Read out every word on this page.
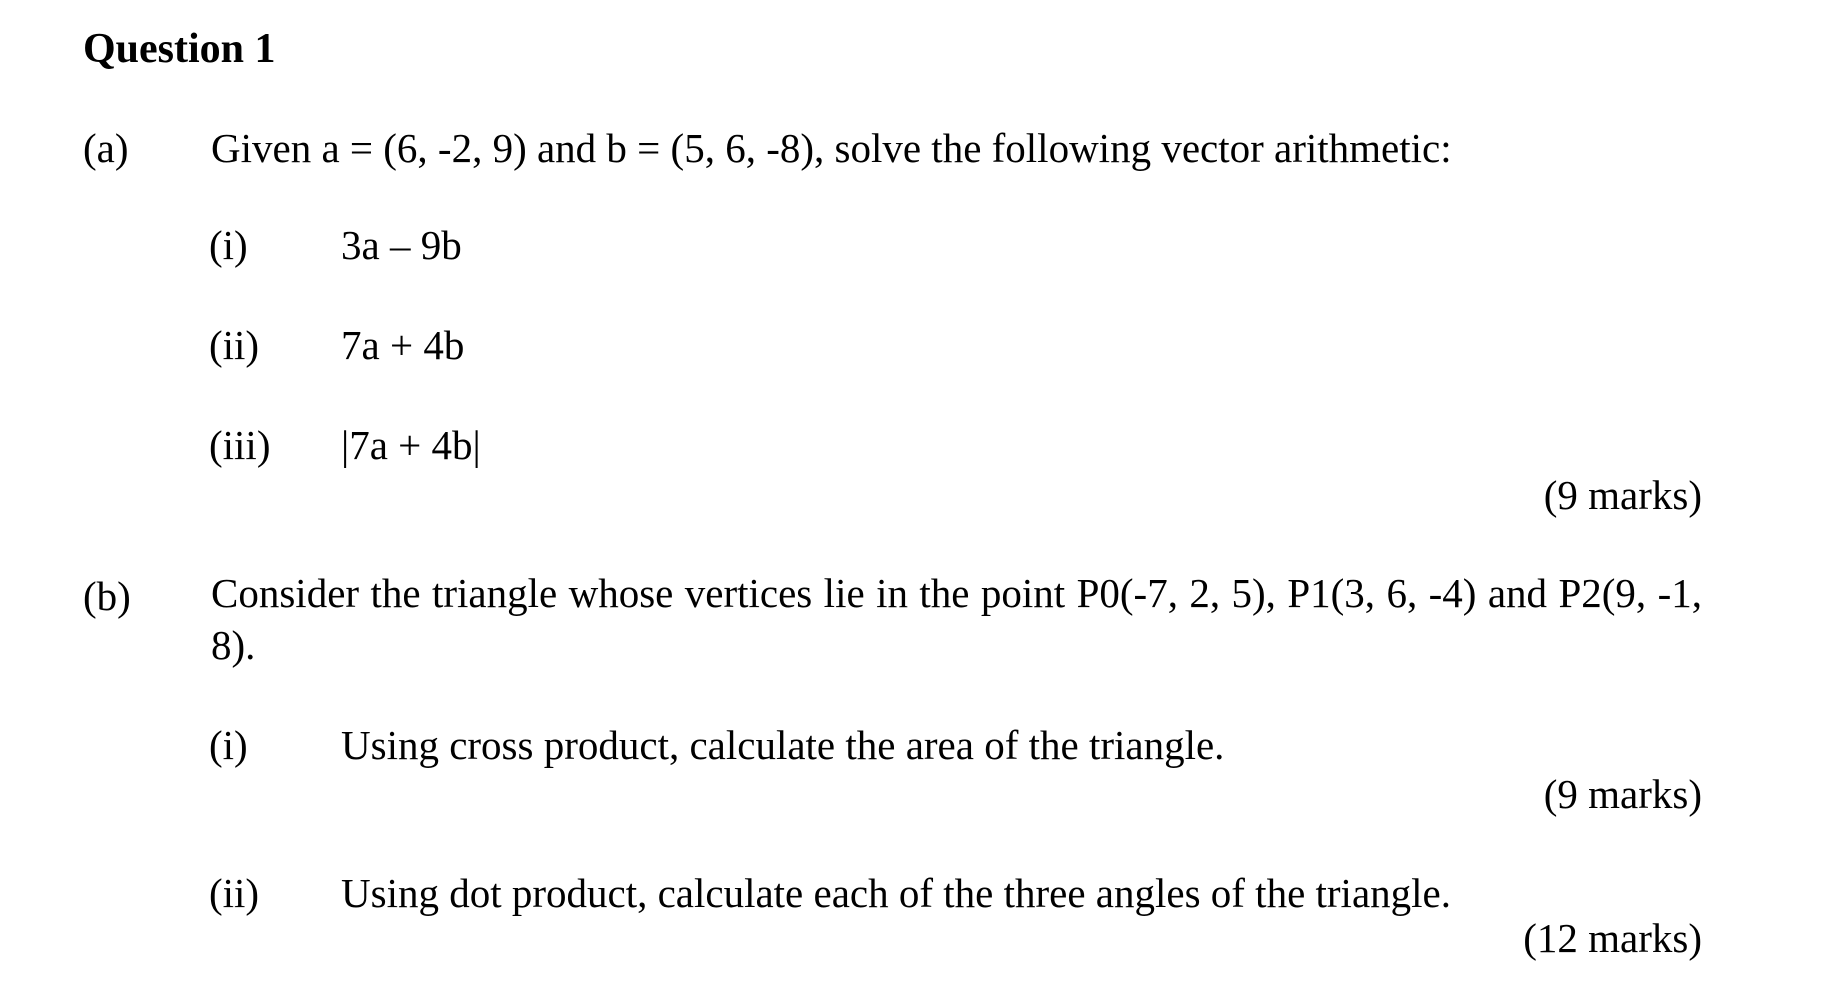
Question 1
(a) Given a = (6, -2, 9) and b = (5, 6, -8), solve the following vector arithmetic:
(i) 3a – 9b
(ii) 7a + 4b
(iii) |7a + 4b|
(9 marks)
(b) Consider the triangle whose vertices lie in the point P0(-7, 2, 5), P1(3, 6, -4) and P2(9, -1, 8).
(i) Using cross product, calculate the area of the triangle.
(9 marks)
(ii) Using dot product, calculate each of the three angles of the triangle.
(12 marks)
